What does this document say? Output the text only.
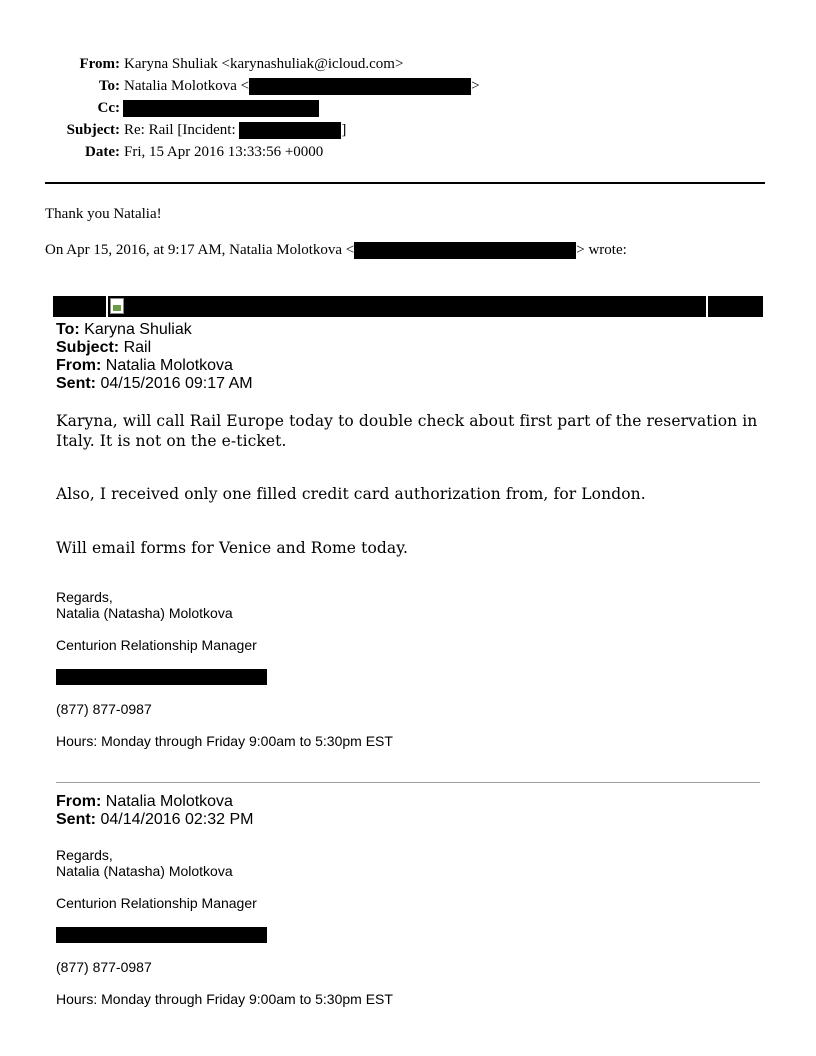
From: Karyna Shuliak <karynashuliak@icloud.com>
To: Natalia Molotkova <	>
Cc:
Subject: Re: Rail [Incident:	]
Date: Fri, 15 Apr 2016 13:33:56 +0000
Thank you Natalia!
On Apr 15, 2016, at 9:17 AM, Natalia Molotkova <	> wrote:
To: Karyna Shuliak
Subject: Rail
From: Natalia Molotkova
Sent: 04/15/2016 09:17 AM
Karyna, will call Rail Europe today to double check about first part of the reservation in
Italy. It is not on the e-ticket.
Also, I received only one filled credit card authorization from, for London.
Will email forms for Venice and Rome today.
Regards,
Natalia (Natasha) Molotkova
Centurion Relationship Manager
(877) 877-0987
Hours: Monday through Friday 9:00am to 5:30pm EST
From: Natalia Molotkova
Sent: 04/14/2016 02:32 PM
Regards,
Natalia (Natasha) Molotkova
Centurion Relationship Manager
(877) 877-0987
Hours: Monday through Friday 9:00am to 5:30pm EST
